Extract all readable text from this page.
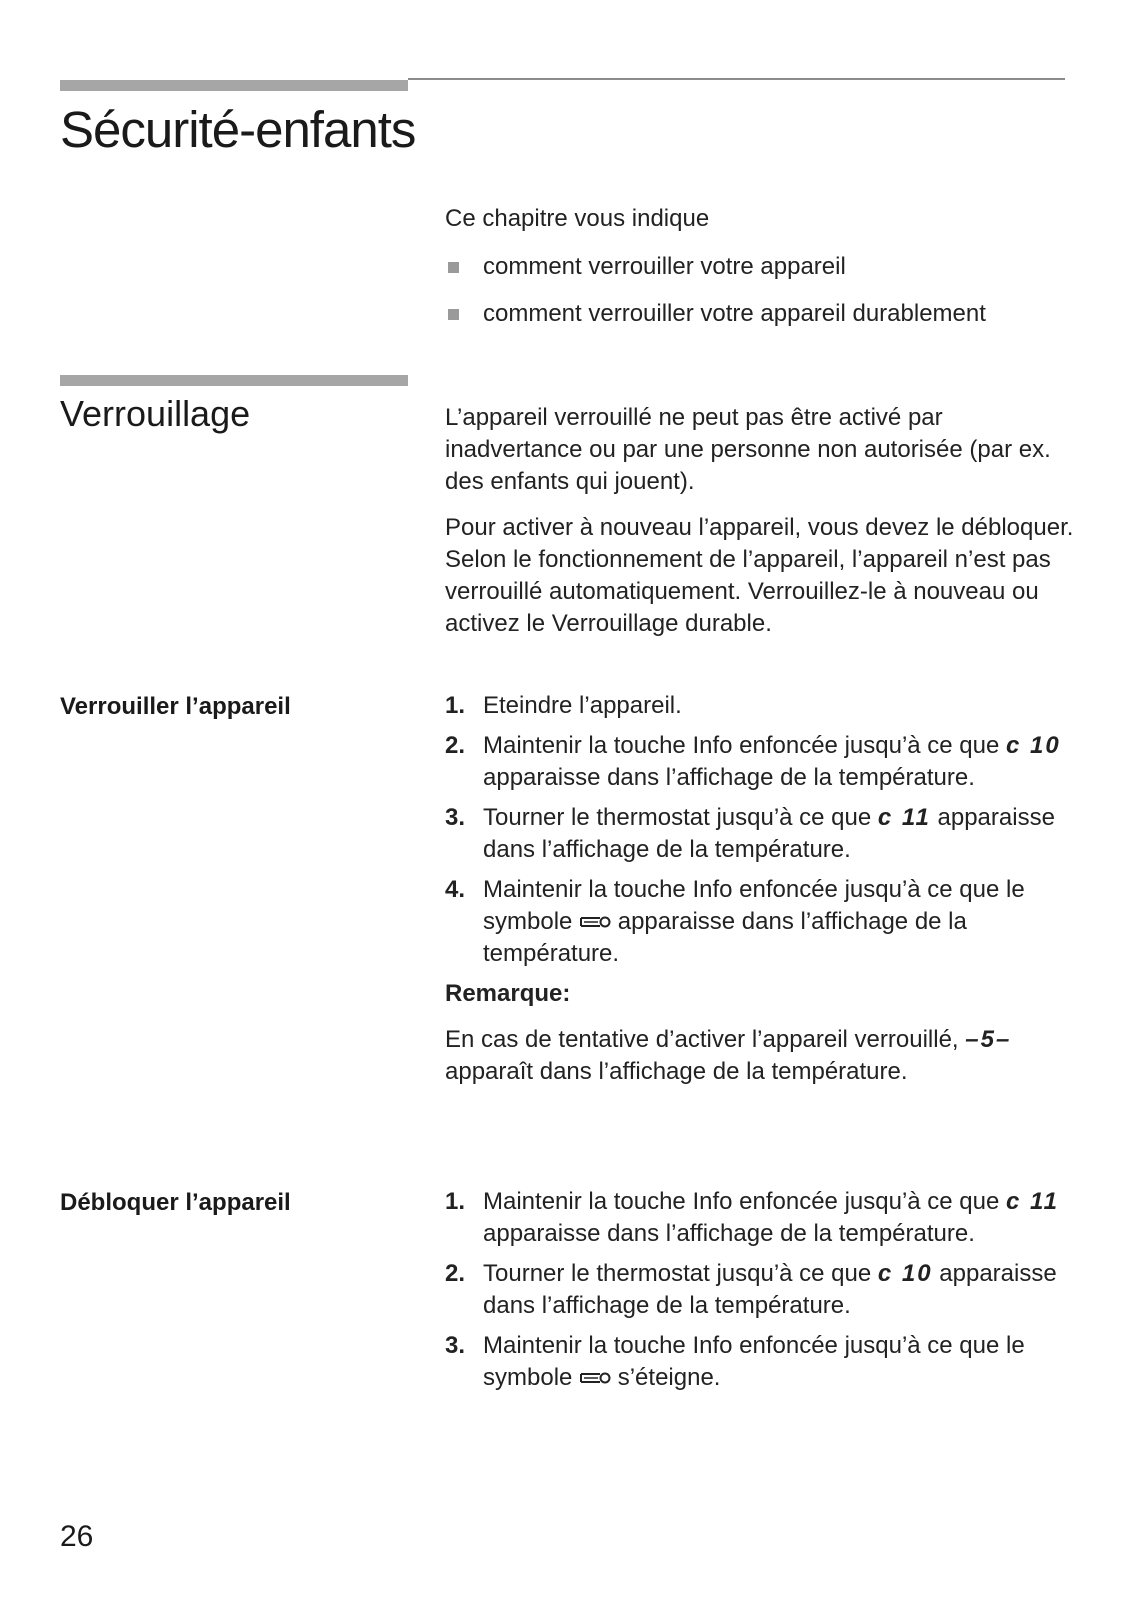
Sécurité-enfants

Ce chapitre vous indique

comment verrouiller votre appareil
comment verrouiller votre appareil durablement
Verrouillage	L’appareil verrouillé ne peut pas être activé par inadvertance ou par une personne non autorisée (par ex. des enfants qui jouent).

Pour activer à nouveau l’appareil, vous devez le débloquer. Selon le fonctionnement de l’appareil, l’appareil n’est pas verrouillé automatiquement. Verrouillez-le à nouveau ou activez le Verrouillage durable.

Verrouiller l’appareil	1. Eteindre l’appareil.
2. Maintenir la touche Info enfoncée jusqu’à ce que c 10 apparaisse dans l’affichage de la température.
3. Tourner le thermostat jusqu’à ce que c 11 apparaisse dans l’affichage de la température.
4. Maintenir la touche Info enfoncée jusqu’à ce que le symbole apparaisse dans l’affichage de la température.
Remarque:

En cas de tentative d’activer l’appareil verrouillé, –5– apparaît dans l’affichage de la température.

Débloquer l’appareil	1. Maintenir la touche Info enfoncée jusqu’à ce que c 11 apparaisse dans l’affichage de la température.
2. Tourner le thermostat jusqu’à ce que c 10 apparaisse dans l’affichage de la température.
3. Maintenir la touche Info enfoncée jusqu’à ce que le symbole s’éteigne.
26
